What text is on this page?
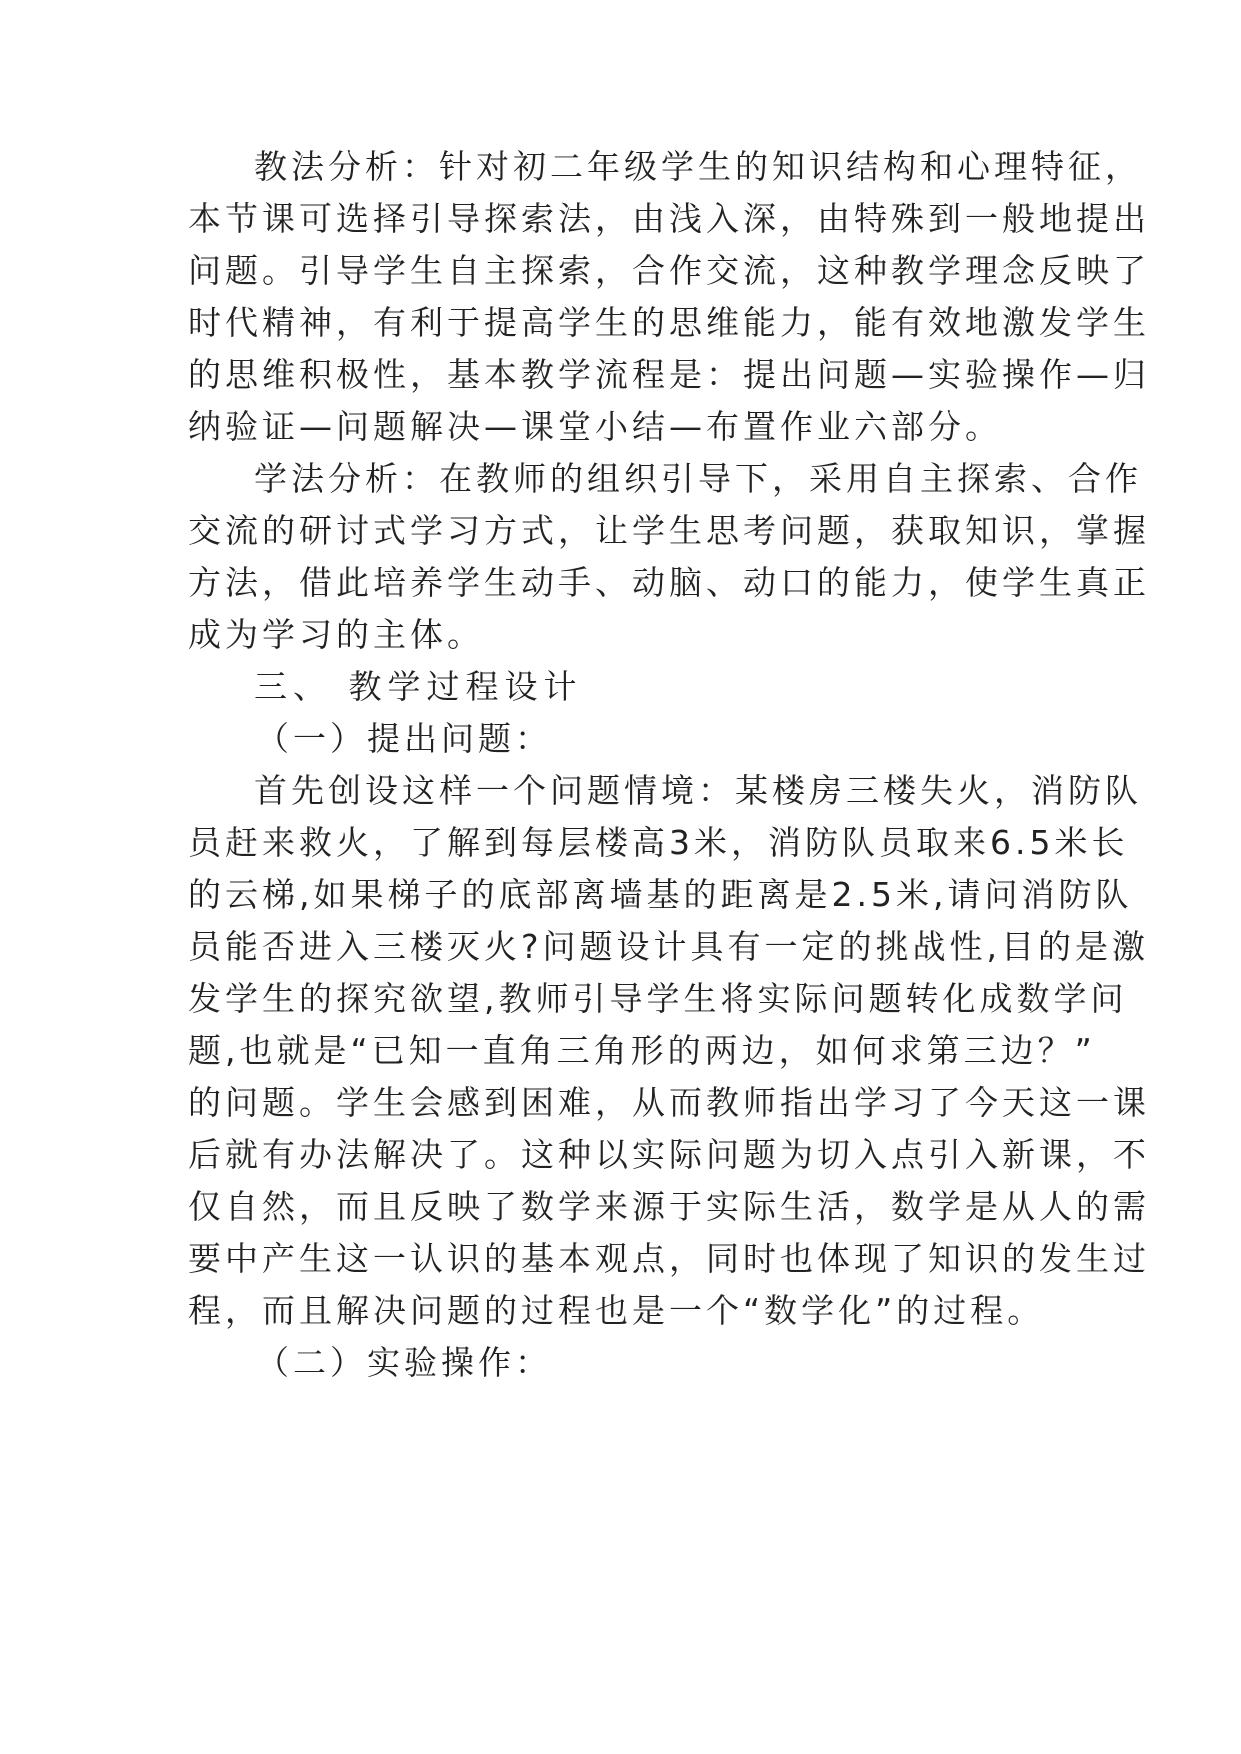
教法分析：针对初二年级学生的知识结构和心理特征，
本节课可选择引导探索法，由浅入深，由特殊到一般地提出
问题。引导学生自主探索，合作交流，这种教学理念反映了
时代精神，有利于提高学生的思维能力，能有效地激发学生
的思维积极性，基本教学流程是：提出问题—实验操作—归
纳验证—问题解决—课堂小结—布置作业六部分。
学法分析：在教师的组织引导下，采用自主探索、合作
交流的研讨式学习方式，让学生思考问题，获取知识，掌握
方法，借此培养学生动手、动脑、动口的能力，使学生真正
成为学习的主体。
三、 教学过程设计
（一）提出问题：
首先创设这样一个问题情境：某楼房三楼失火，消防队
员赶来救火，了解到每层楼高3米，消防队员取来6.5米长
的云梯,如果梯子的底部离墙基的距离是2.5米,请问消防队
员能否进入三楼灭火?问题设计具有一定的挑战性,目的是激
发学生的探究欲望,教师引导学生将实际问题转化成数学问
题,也就是“已知一直角三角形的两边，如何求第三边？”
的问题。学生会感到困难，从而教师指出学习了今天这一课
后就有办法解决了。这种以实际问题为切入点引入新课，不
仅自然，而且反映了数学来源于实际生活，数学是从人的需
要中产生这一认识的基本观点，同时也体现了知识的发生过
程，而且解决问题的过程也是一个“数学化”的过程。
（二）实验操作：
